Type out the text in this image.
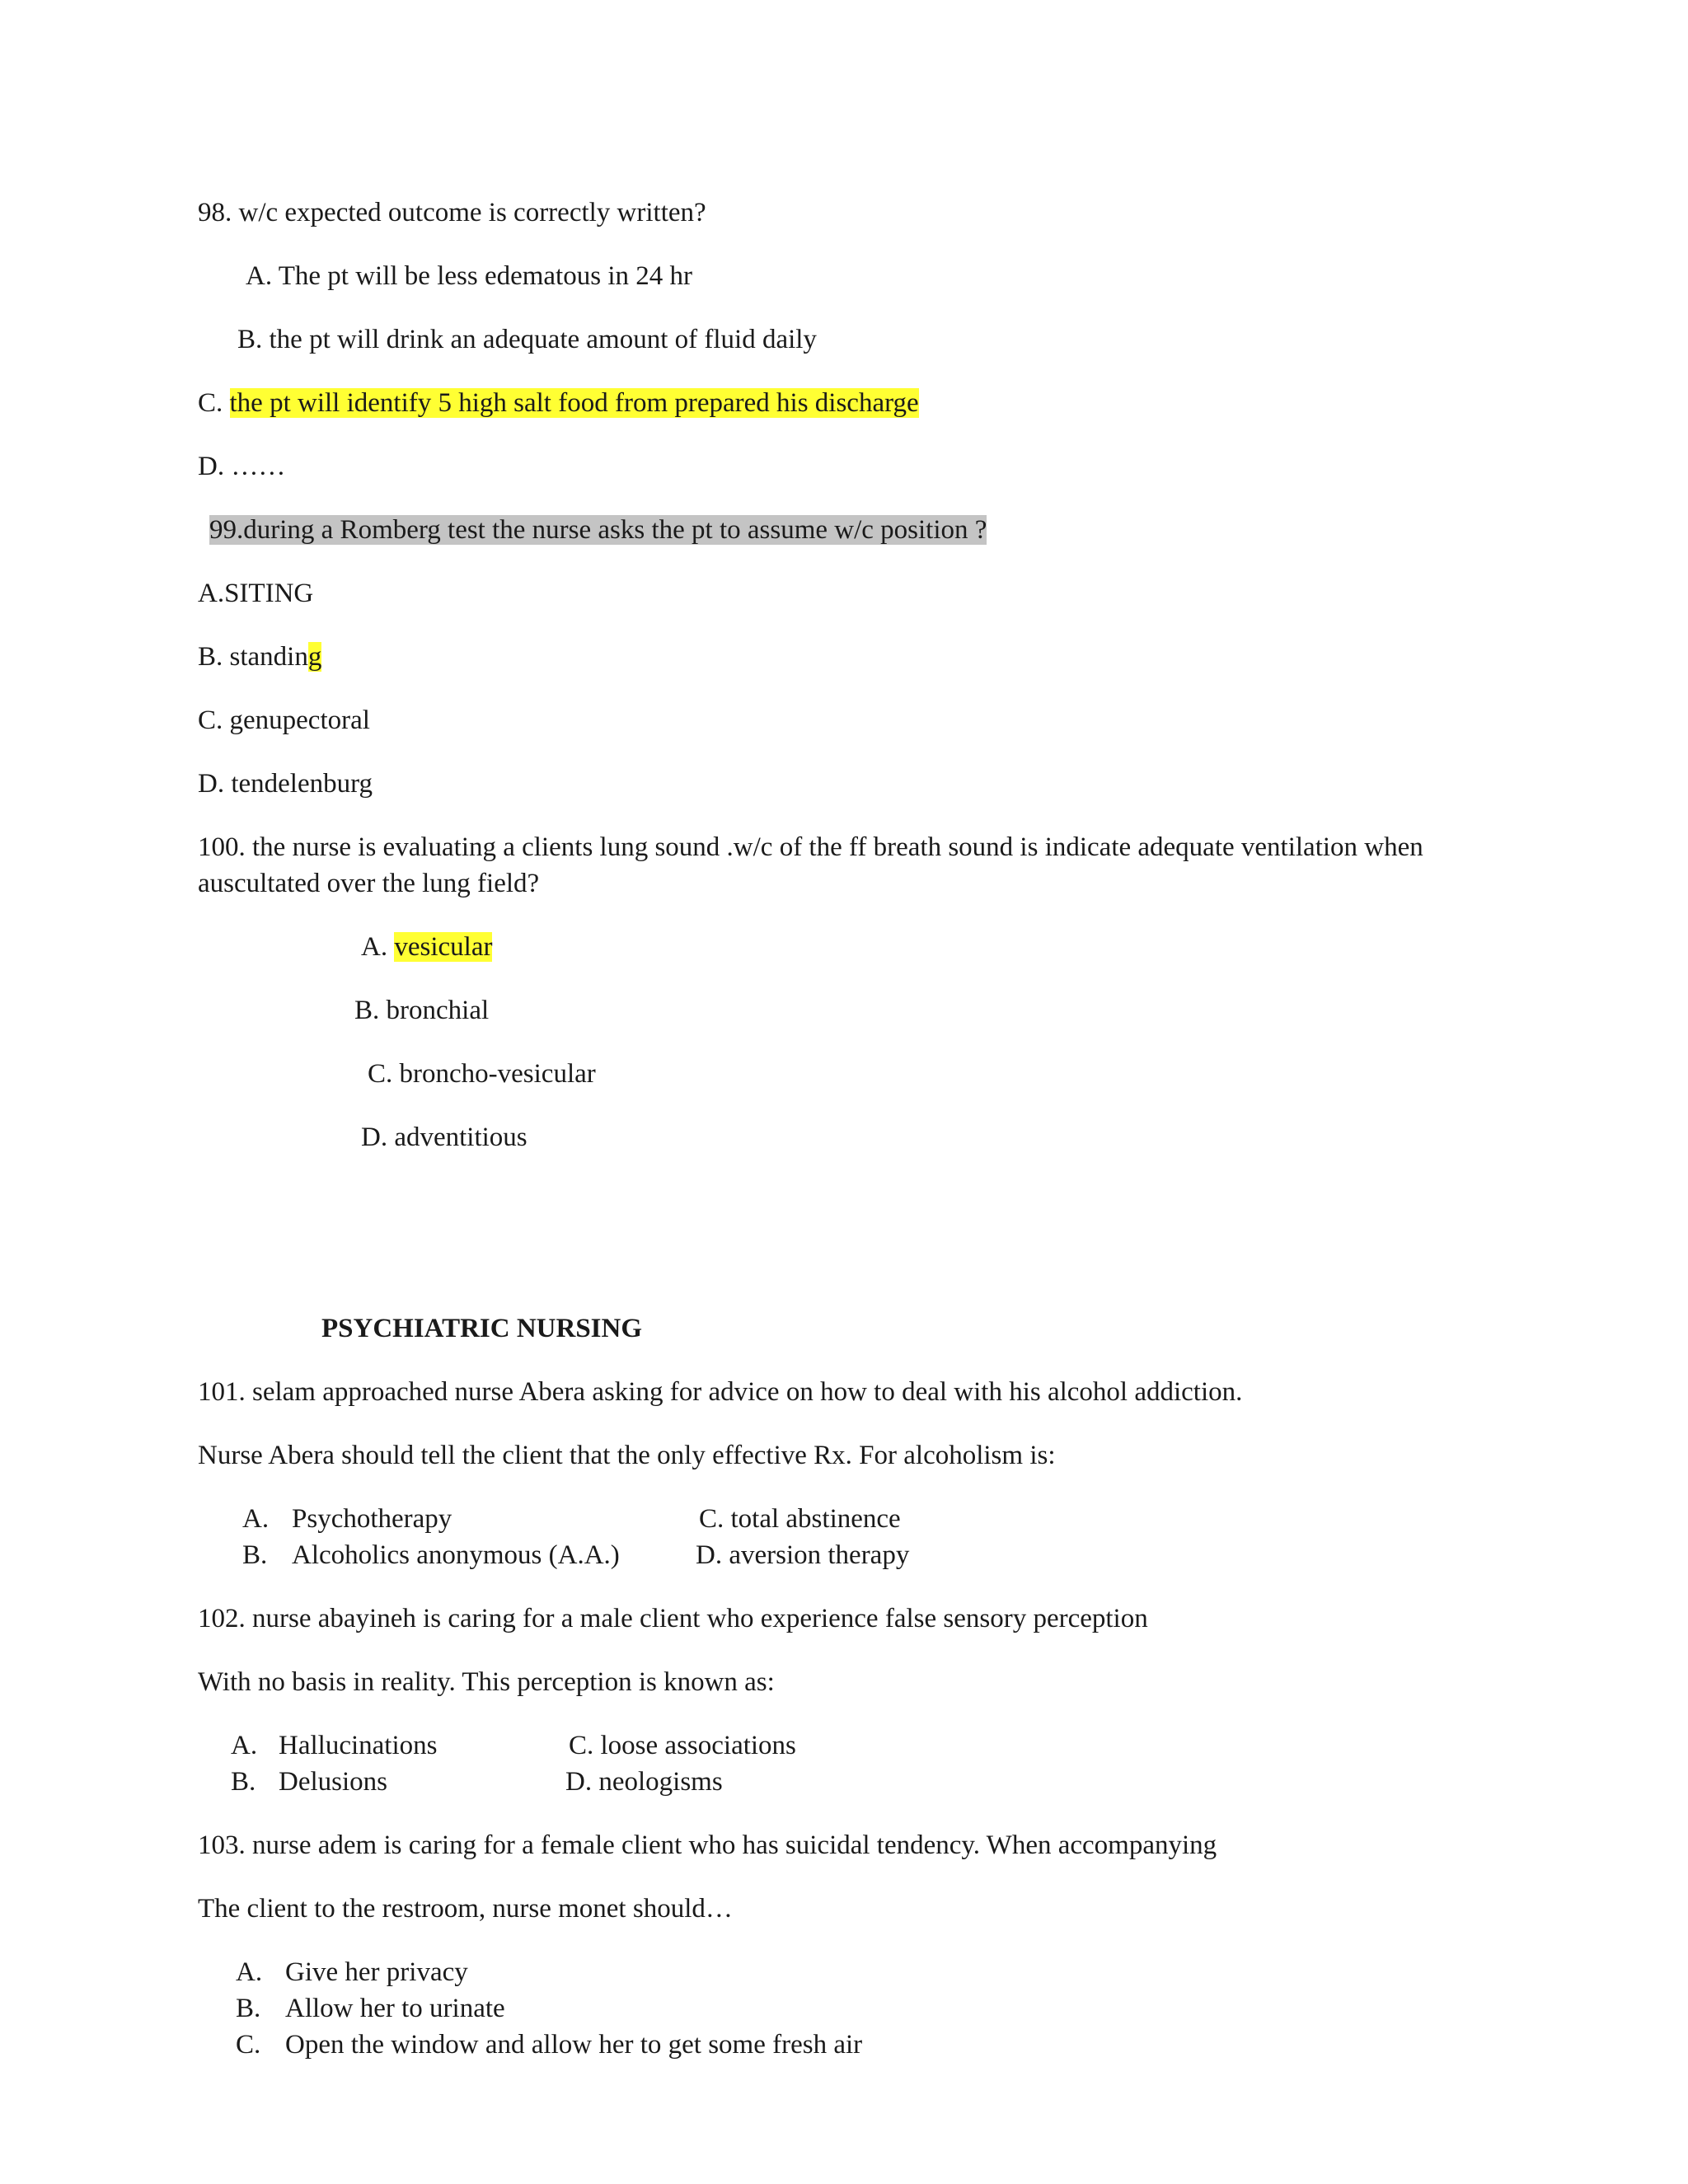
98. w/c expected outcome is correctly written?
A. The pt will be less edematous in 24 hr
B. the pt will drink an adequate amount of fluid daily
C. the pt will identify 5 high salt food from prepared his discharge
D. ……
99.during a Romberg test the nurse asks the pt to assume w/c position ?
A.SITING
B. standing
C. genupectoral
D. tendelenburg
100. the nurse is evaluating a clients lung sound .w/c of the ff breath sound is indicate adequate ventilation when
auscultated over the lung field?
A. vesicular
B. bronchial
C. broncho-vesicular
D. adventitious
PSYCHIATRIC NURSING
101. selam approached nurse Abera asking for advice on how to deal with his alcohol addiction.
Nurse Abera should tell the client that the only effective Rx. For alcoholism is:
A. Psychotherapy	C. total abstinence
B. Alcoholics anonymous (A.A.)	D. aversion therapy
102. nurse abayineh is caring for a male client who experience false sensory perception
With no basis in reality. This perception is known as:
A. Hallucinations	C. loose associations
B. Delusions	D. neologisms
103. nurse adem is caring for a female client who has suicidal tendency. When accompanying
The client to the restroom, nurse monet should…
A. Give her privacy
B. Allow her to urinate
C. Open the window and allow her to get some fresh air
